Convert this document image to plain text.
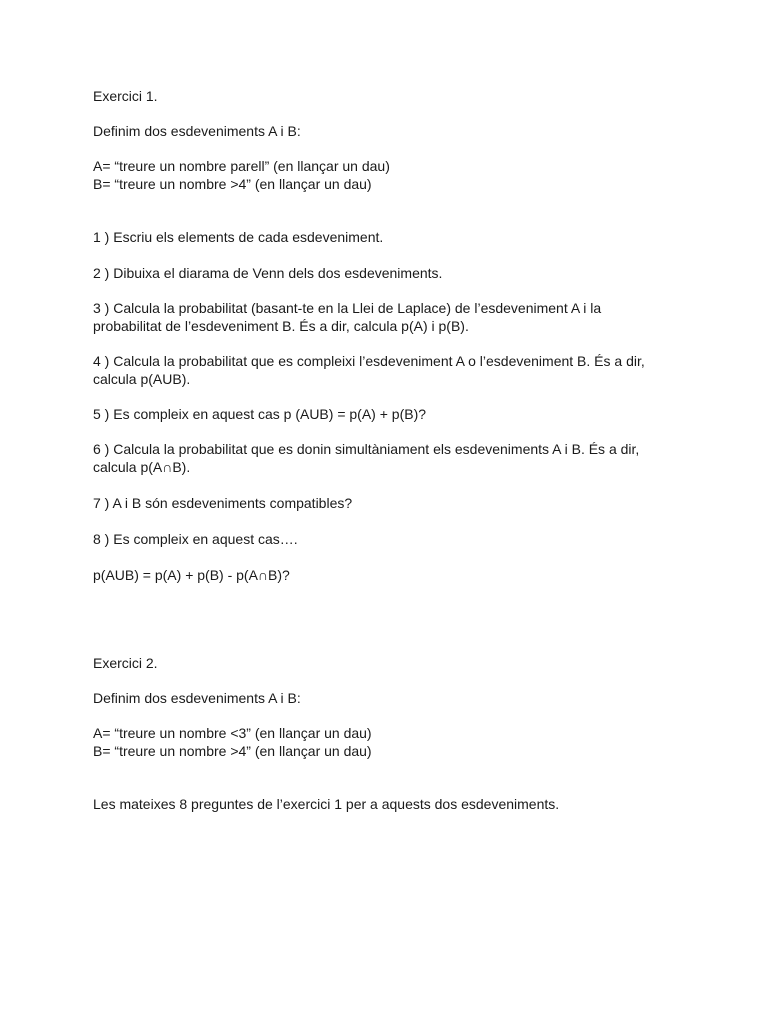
Exercici 1.
Definim dos esdeveniments A i B:
A= “treure un nombre parell” (en llançar un dau)
B= “treure un nombre >4” (en llançar un dau)
1 ) Escriu els elements de cada esdeveniment.
2 ) Dibuixa el diarama de Venn dels dos esdeveniments.
3 ) Calcula la probabilitat (basant-te en la Llei de Laplace) de l’esdeveniment A i la
probabilitat de l’esdeveniment B. És a dir, calcula p(A) i p(B).
4 ) Calcula la probabilitat que es compleixi l’esdeveniment A o l’esdeveniment B. És a dir,
calcula p(AUB).
5 ) Es compleix en aquest cas p (AUB) = p(A) + p(B)?
6 ) Calcula la probabilitat que es donin simultàniament els esdeveniments A i B. És a dir,
calcula p(A∩B).
7 ) A i B són esdeveniments compatibles?
8 ) Es compleix en aquest cas….
p(AUB) = p(A) + p(B) - p(A∩B)?
Exercici 2.
Definim dos esdeveniments A i B:
A= “treure un nombre <3” (en llançar un dau)
B= “treure un nombre >4” (en llançar un dau)
Les mateixes 8 preguntes de l’exercici 1 per a aquests dos esdeveniments.
